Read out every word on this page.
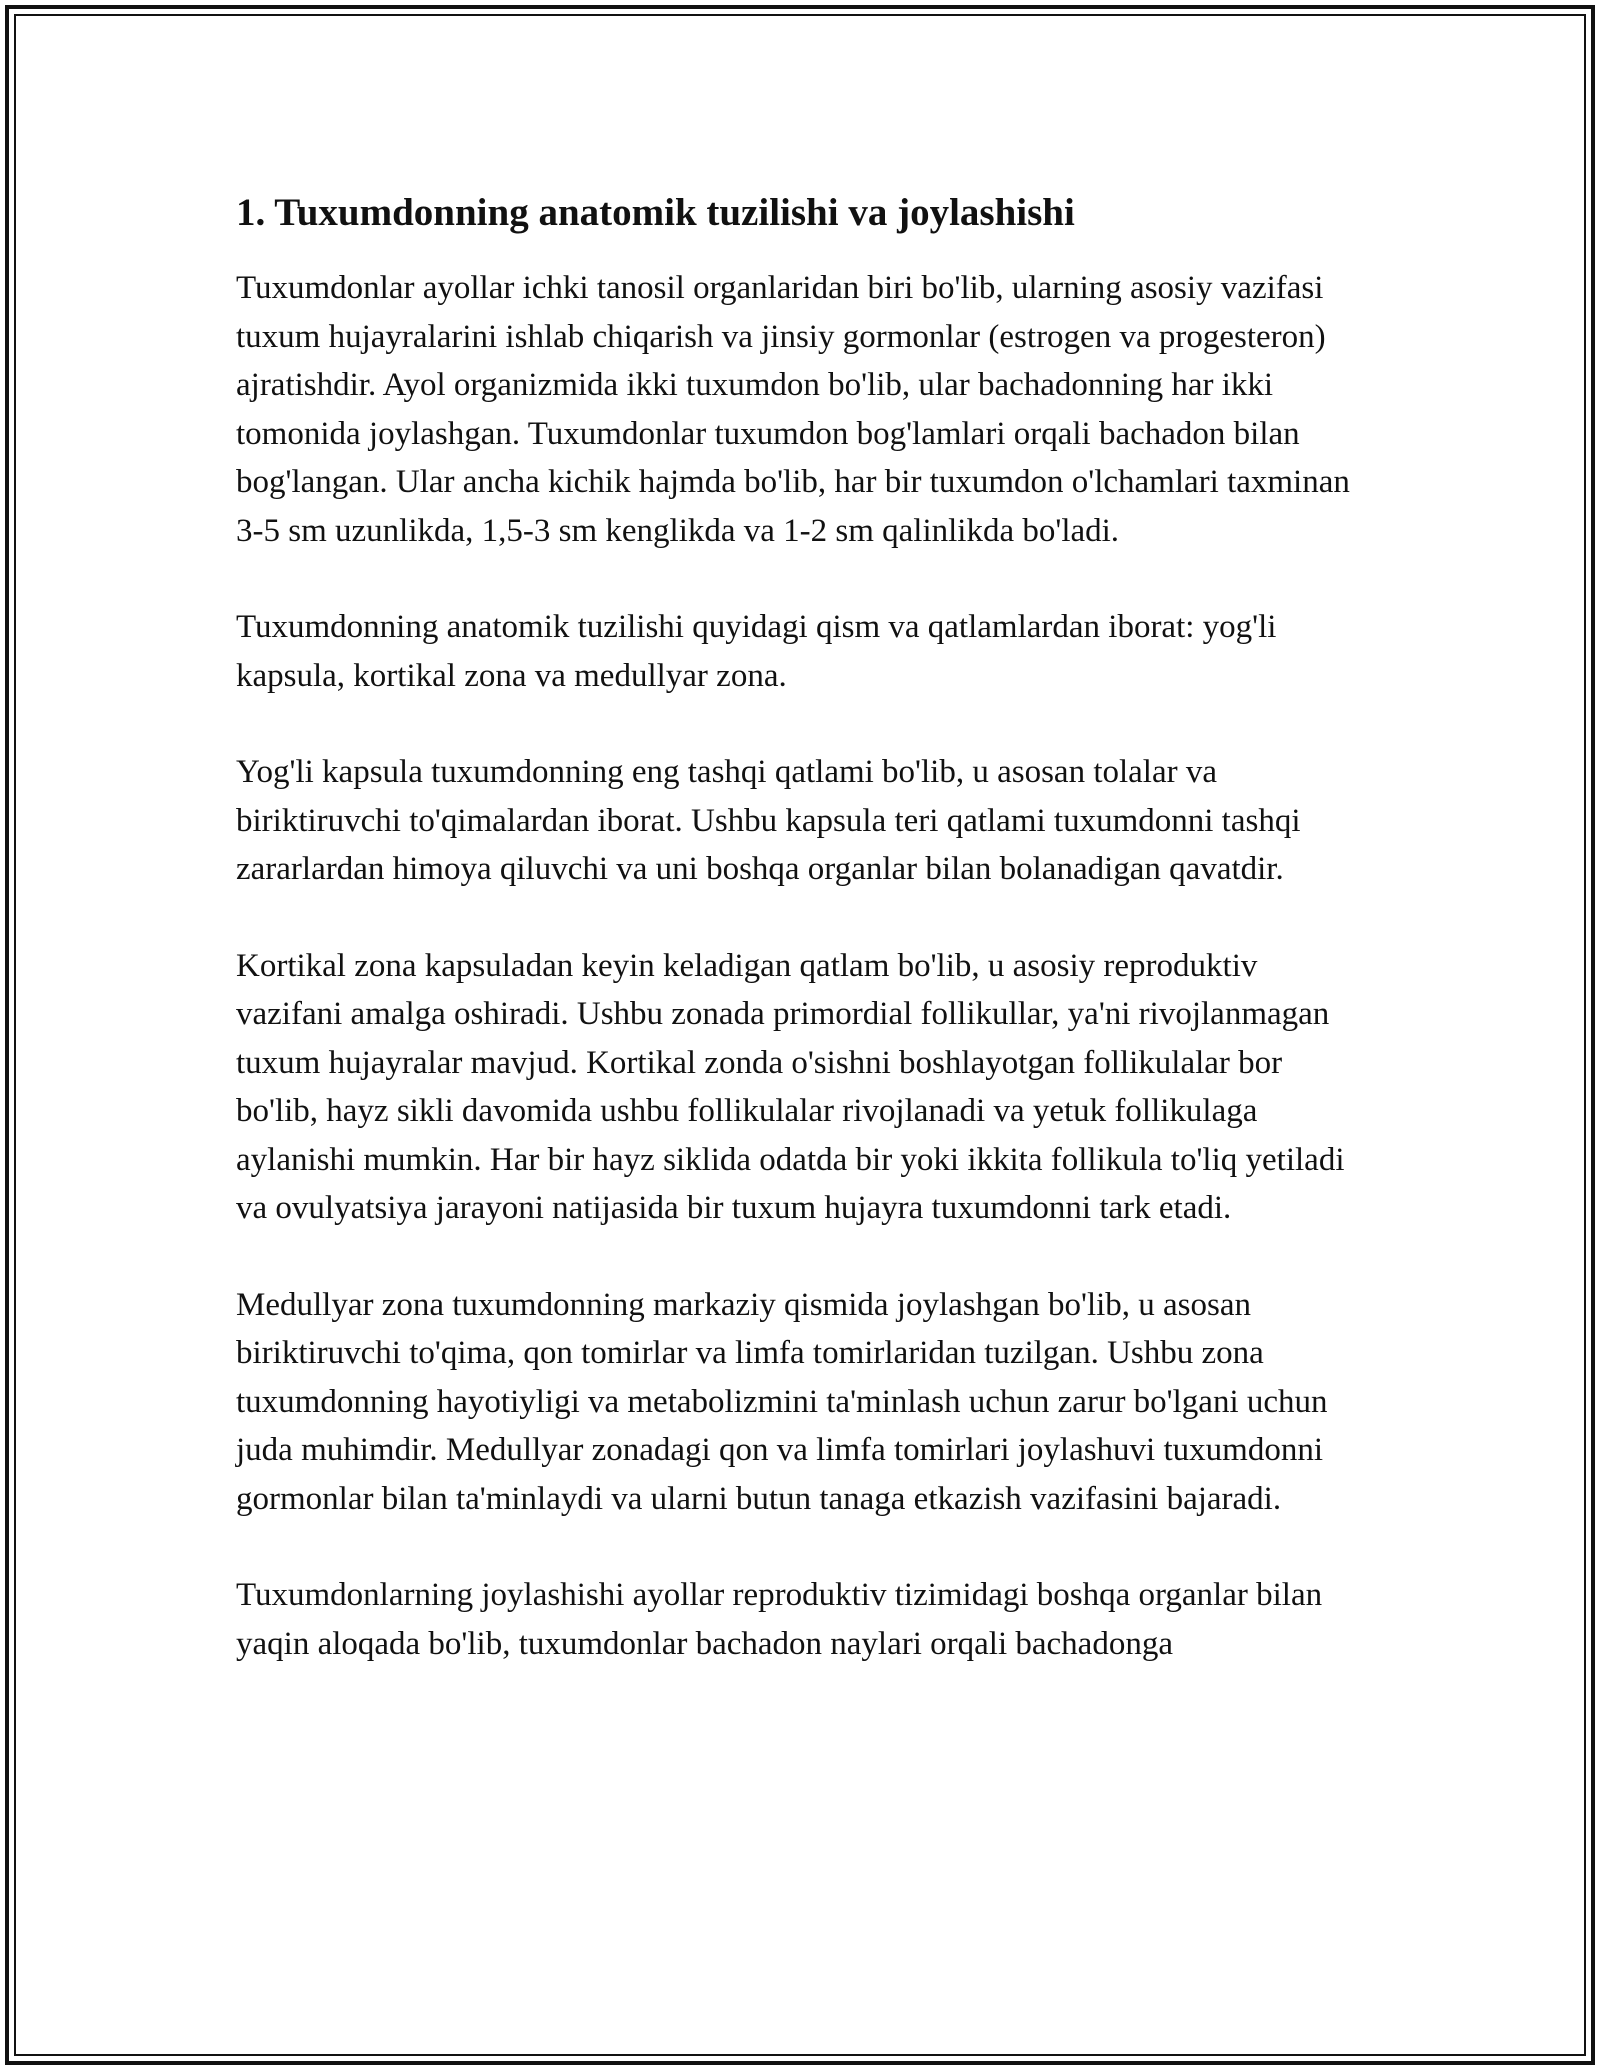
1. Tuxumdonning anatomik tuzilishi va joylashishi

Tuxumdonlar ayollar ichki tanosil organlaridan biri bo'lib, ularning asosiy vazifasi tuxum hujayralarini ishlab chiqarish va jinsiy gormonlar (estrogen va progesteron) ajratishdir. Ayol organizmida ikki tuxumdon bo'lib, ular bachadonning har ikki tomonida joylashgan. Tuxumdonlar tuxumdon bog'lamlari orqali bachadon bilan bog'langan. Ular ancha kichik hajmda bo'lib, har bir tuxumdon o'lchamlari taxminan 3-5 sm uzunlikda, 1,5-3 sm kenglikda va 1-2 sm qalinlikda bo'ladi.

Tuxumdonning anatomik tuzilishi quyidagi qism va qatlamlardan iborat: yog'li kapsula, kortikal zona va medullyar zona.

Yog'li kapsula tuxumdonning eng tashqi qatlami bo'lib, u asosan tolalar va biriktiruvchi to'qimalardan iborat. Ushbu kapsula teri qatlami tuxumdonni tashqi zararlardan himoya qiluvchi va uni boshqa organlar bilan bolanadigan qavatdir.

Kortikal zona kapsuladan keyin keladigan qatlam bo'lib, u asosiy reproduktiv vazifani amalga oshiradi. Ushbu zonada primordial follikullar, ya'ni rivojlanmagan tuxum hujayralar mavjud. Kortikal zonda o'sishni boshlayotgan follikulalar bor bo'lib, hayz sikli davomida ushbu follikulalar rivojlanadi va yetuk follikulaga aylanishi mumkin. Har bir hayz siklida odatda bir yoki ikkita follikula to'liq yetiladi va ovulyatsiya jarayoni natijasida bir tuxum hujayra tuxumdonni tark etadi.

Medullyar zona tuxumdonning markaziy qismida joylashgan bo'lib, u asosan biriktiruvchi to'qima, qon tomirlar va limfa tomirlaridan tuzilgan. Ushbu zona tuxumdonning hayotiyligi va metabolizmini ta'minlash uchun zarur bo'lgani uchun juda muhimdir. Medullyar zonadagi qon va limfa tomirlari joylashuvi tuxumdonni gormonlar bilan ta'minlaydi va ularni butun tanaga etkazish vazifasini bajaradi.

Tuxumdonlarning joylashishi ayollar reproduktiv tizimidagi boshqa organlar bilan yaqin aloqada bo'lib, tuxumdonlar bachadon naylari orqali bachadonga
